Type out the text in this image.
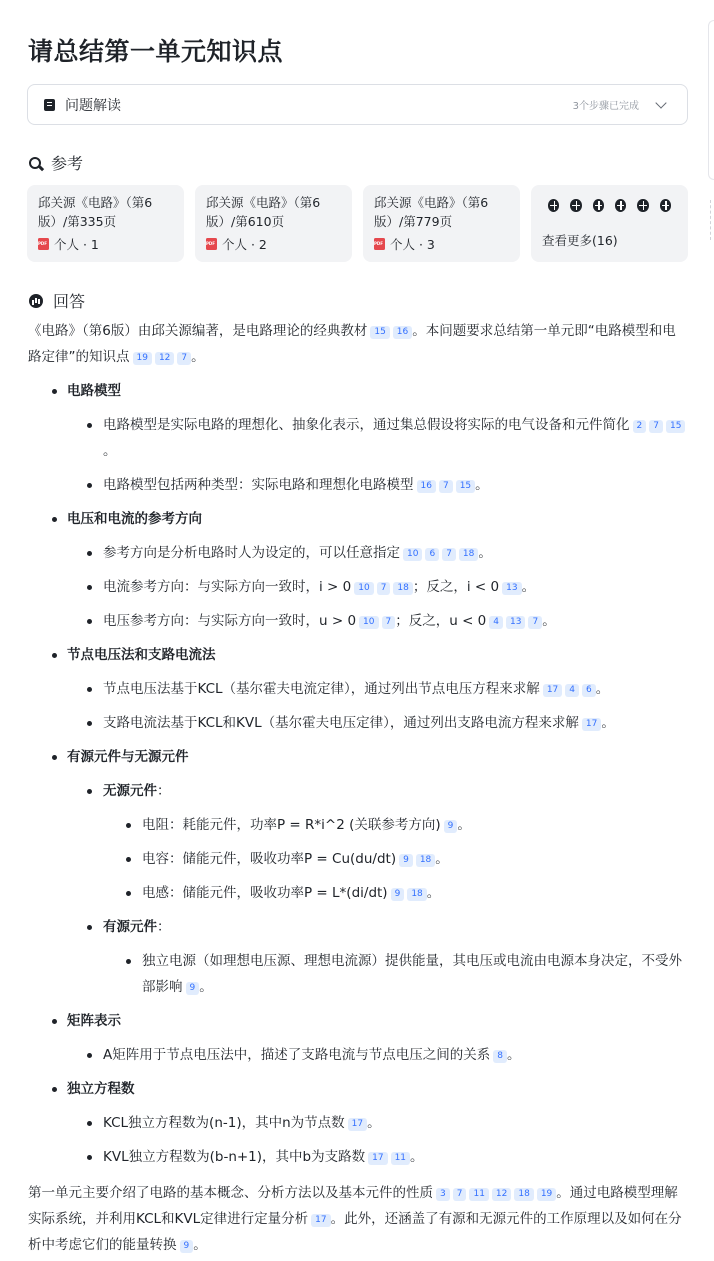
请总结第一单元知识点
问题解读	3个步骤已完成
参考
邱关源《电路》（第6版）/第335页
PDF
个人 · 1
邱关源《电路》（第6版）/第610页
PDF
个人 · 2
邱关源《电路》（第6版）/第779页
PDF
个人 · 3	查看更多(16)
回答

《电路》（第6版）由邱关源编著，是电路理论的经典教材 15 16 。本问题要求总结第一单元即“电路模型和电路定律”的知识点 19 12 7 。

电路模型
电路模型是实际电路的理想化、抽象化表示，通过集总假设将实际的电气设备和元件简化 2 7 15。
电路模型包括两种类型：实际电路和理想化电路模型 16 7 15 。
电压和电流的参考方向
参考方向是分析电路时人为设定的，可以任意指定 10 6 7 18 。
电流参考方向：与实际方向一致时，i > 0 10 7 18 ；反之，i < 0 13 。
电压参考方向：与实际方向一致时，u > 0 10 7 ；反之，u < 0 4 13 7 。
节点电压法和支路电流法
节点电压法基于KCL（基尔霍夫电流定律），通过列出节点电压方程来求解 17 4 6 。
支路电流法基于KCL和KVL（基尔霍夫电压定律），通过列出支路电流方程来求解 17 。
有源元件与无源元件
无源元件：
电阻：耗能元件，功率P = R*i^2 (关联参考方向) 9 。
电容：储能元件，吸收功率P = Cu(du/dt) 9 18 。
电感：储能元件，吸收功率P = L*(di/dt) 9 18 。
有源元件：
独立电源（如理想电压源、理想电流源）提供能量，其电压或电流由电源本身决定，不受外部影响 9 。
矩阵表示
A矩阵用于节点电压法中，描述了支路电流与节点电压之间的关系 8 。
独立方程数
KCL独立方程数为(n-1)，其中n为节点数 17 。
KVL独立方程数为(b-n+1)，其中b为支路数 17 11 。

第一单元主要介绍了电路的基本概念、分析方法以及基本元件的性质 3 7 11 12 18 19 。通过电路模型理解实际系统，并利用KCL和KVL定律进行定量分析 17 。此外，还涵盖了有源和无源元件的工作原理以及如何在分析中考虑它们的能量转换 9 。
